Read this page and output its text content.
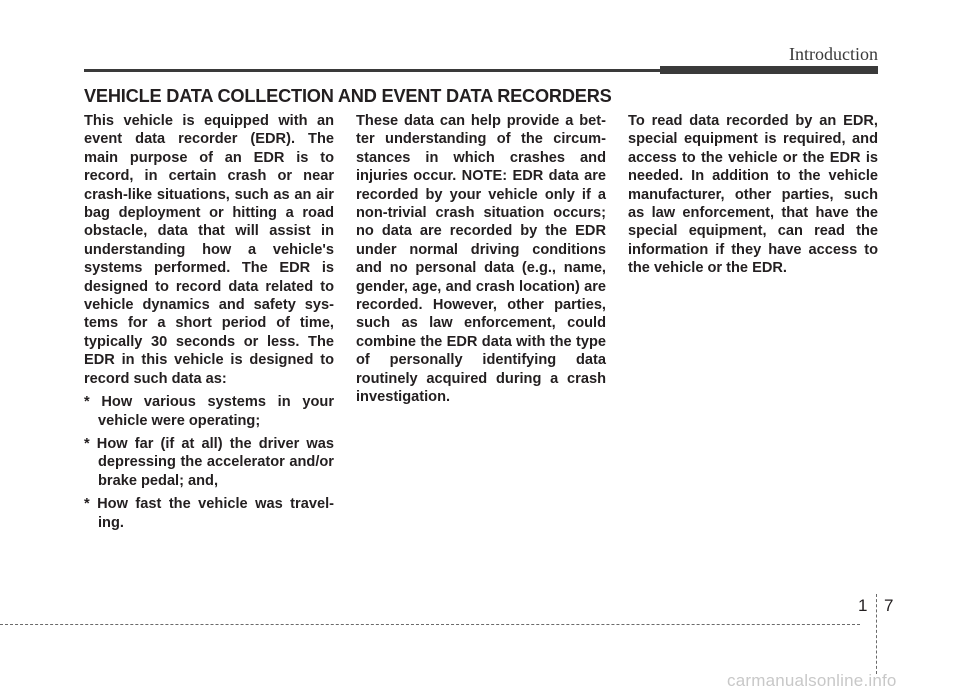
Introduction
VEHICLE DATA COLLECTION AND EVENT DATA RECORDERS

This vehicle is equipped with an event data recorder (EDR). The main purpose of an EDR is to record, in certain crash or near crash-like situations, such as an air bag deployment or hitting a road obstacle, data that will assist in understanding how a vehicle's systems performed. The EDR is designed to record data related to vehicle dynamics and safety systems for a short period of time, typically 30 seconds or less. The EDR in this vehicle is designed to record such data as:

* How various systems in your vehicle were operating;
* How far (if at all) the driver was depressing the accelerator and/or brake pedal; and,
* How fast the vehicle was traveling.

These data can help provide a better understanding of the circumstances in which crashes and injuries occur. NOTE: EDR data are recorded by your vehicle only if a non-trivial crash situation occurs; no data are recorded by the EDR under normal driving conditions and no personal data (e.g., name, gender, age, and crash location) are recorded. However, other parties, such as law enforcement, could combine the EDR data with the type of personally identifying data routinely acquired during a crash investigation.

To read data recorded by an EDR, special equipment is required, and access to the vehicle or the EDR is needed. In addition to the vehicle manufacturer, other parties, such as law enforcement, that have the special equipment, can read the information if they have access to the vehicle or the EDR.

1 7
carmanualsonline.info
